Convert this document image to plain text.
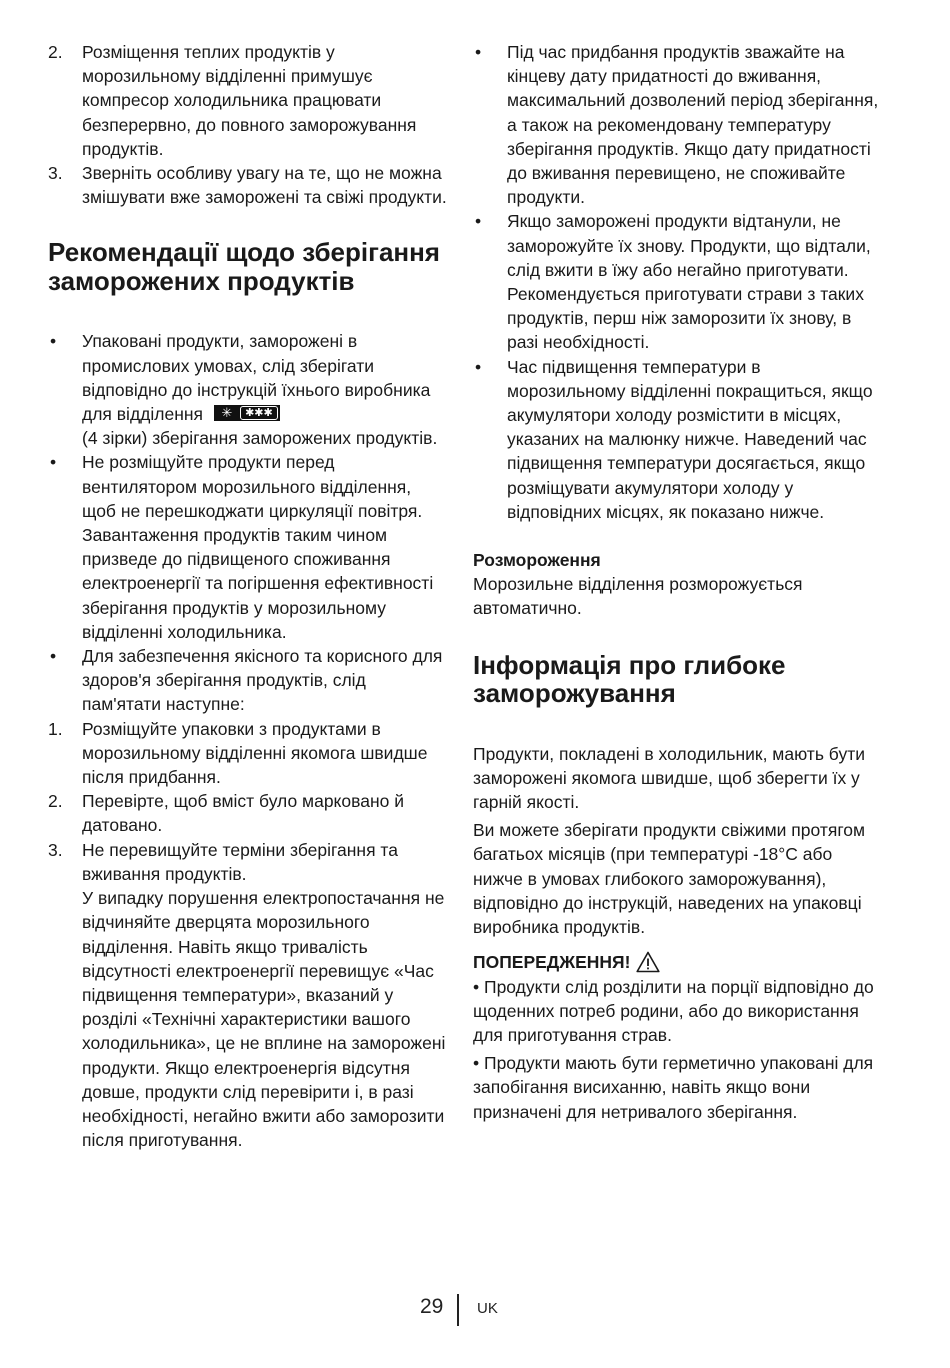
2.	Розміщення теплих продуктів у морозильному відділенні примушує компресор холодильника працювати безперервно, до повного заморожування продуктів.
3.	Зверніть особливу увагу на те, що не можна змішувати вже заморожені та свіжі продукти.
Рекомендації щодо зберігання заморожених продуктів
•	Упаковані продукти, заморожені в промислових умовах, слід зберігати відповідно до інструкцій їхнього виробника для відділення ✳	✱✱✱

(4 зірки) зберігання заморожених продуктів.
•	Не розміщуйте продукти перед вентилятором морозильного відділення, щоб не перешкоджати циркуляції повітря. Завантаження продуктів таким чином призведе до підвищеного споживання електроенергії та погіршення ефективності зберігання продуктів у морозильному відділенні холодильника.
•	Для забезпечення якісного та корисного для здоров'я зберігання продуктів, слід пам'ятати наступне:
1.	Розміщуйте упаковки з продуктами в морозильному відділенні якомога швидше після придбання.
2.	Перевірте, щоб вміст було марковано й датовано.
3.	Не перевищуйте терміни зберігання та вживання продуктів.
У випадку порушення електропостачання не відчиняйте дверцята морозильного відділення. Навіть якщо тривалість відсутності електроенергії перевищує «Час підвищення температури», вказаний у розділі «Технічні характеристики вашого холодильника», це не вплине на заморожені продукти. Якщо електроенергія відсутня довше, продукти слід перевірити і, в разі необхідності, негайно вжити або заморозити після приготування.
•	Під час придбання продуктів зважайте на кінцеву дату придатності до вживання, максимальний дозволений період зберігання, а також на рекомендовану температуру зберігання продуктів. Якщо дату придатності до вживання перевищено, не споживайте продукти.
•	Якщо заморожені продукти відтанули, не заморожуйте їх знову. Продукти, що відтали, слід вжити в їжу або негайно приготувати. Рекомендується приготувати страви з таких продуктів, перш ніж заморозити їх знову, в разі необхідності.
•	Час підвищення температури в морозильному відділенні покращиться, якщо акумулятори холоду розмістити в місцях, указаних на малюнку нижче. Наведений час підвищення температури досягається, якщо розміщувати акумулятори холоду у відповідних місцях, як показано нижче.
Розмороження

Морозильне відділення розморожується автоматично.

Інформація про глибоке заморожування

Продукти, покладені в холодильник, мають бути заморожені якомога швидше, щоб зберегти їх у гарній якості.

Ви можете зберігати продукти свіжими протягом багатьох місяців (при температурі -18°C або нижче в умовах глибокого заморожування), відповідно до інструкцій, наведених на упаковці виробника продуктів.

ПОПЕРЕДЖЕННЯ!

• Продукти слід розділити на порції відповідно до щоденних потреб родини, або до використання для приготування страв.

• Продукти мають бути герметично упаковані для запобігання висиханню, навіть якщо вони призначені для нетривалого зберігання.

29 UK
